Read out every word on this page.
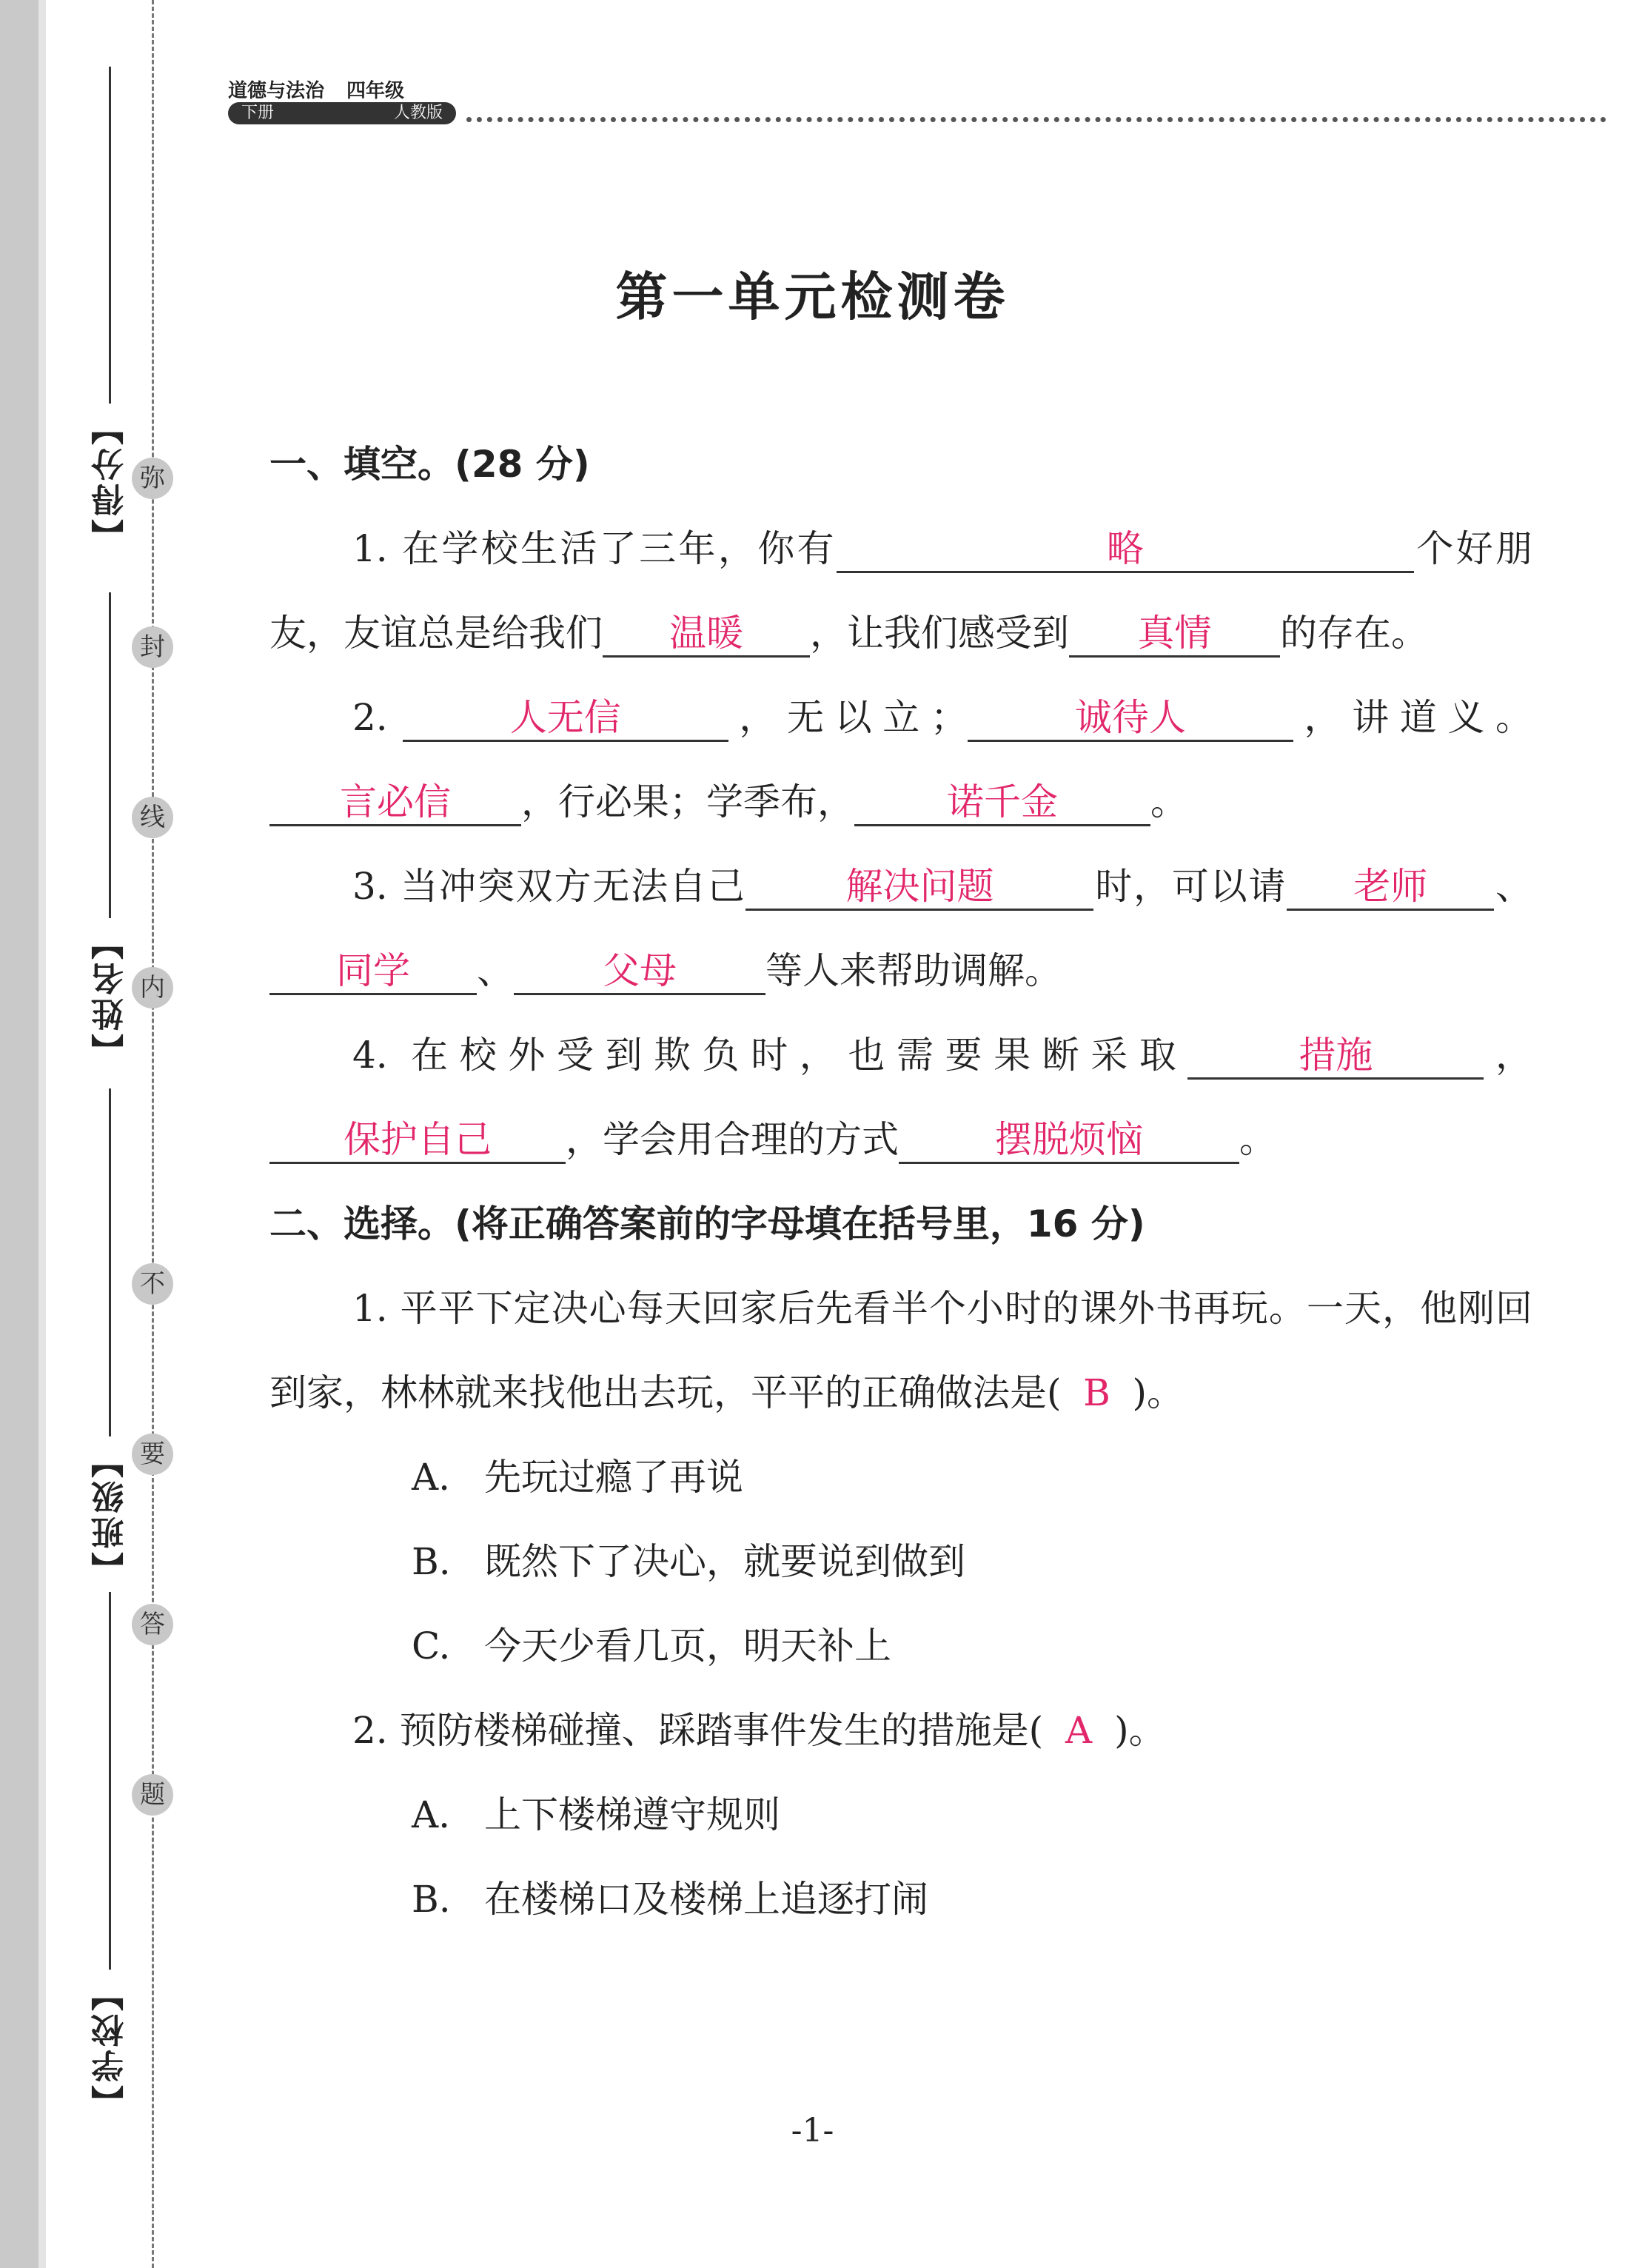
【得分】
【姓名】
【班级】
【学校】
弥
封
线
内
不
要
答
题
道德与法治 四年级
下册	人教版
第一单元检测卷

一、填空。(28 分)

1. 在学校生活了三年，你有	略	个好朋友，友谊总是给我们 温暖 ，让我们感受到 真情 的存在。

2.	人无信	，无以立；	诚待人	，讲道义。言必信 ，行必果；学季布，	诺千金	。

3. 当冲突双方无法自己	解决问题	时，可以请 老师 、同学 、 父母 等人来帮助调解。

4. 在校外受到欺负时，也需要果断采取	措施	，保护自己 ，学会用合理的方式	摆脱烦恼	。

二、选择。(将正确答案前的字母填在括号里，16 分)

1. 平平下定决心每天回家后先看半个小时的课外书再玩。一天，他刚回到家，林林就来找他出去玩，平平的正确做法是( B )。

A. 先玩过瘾了再说

B. 既然下了决心，就要说到做到

C. 今天少看几页，明天补上

2. 预防楼梯碰撞、踩踏事件发生的措施是( A )。

A. 上下楼梯遵守规则

B. 在楼梯口及楼梯上追逐打闹

-1-
